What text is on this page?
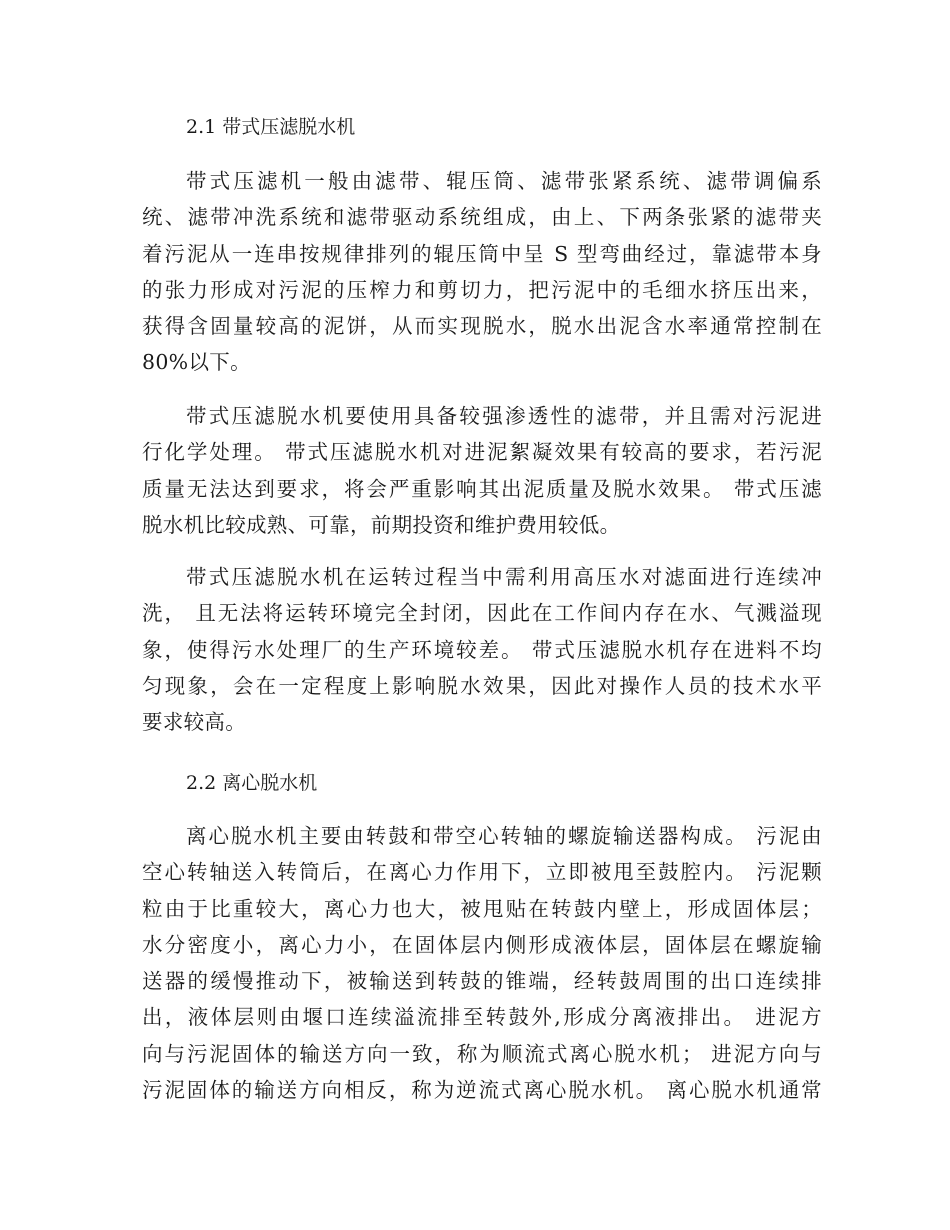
2.1 带式压滤脱水机

带式压滤机一般由滤带、辊压筒、滤带张紧系统、滤带调偏系
统、滤带冲洗系统和滤带驱动系统组成，由上、下两条张紧的滤带夹
着污泥从一连串按规律排列的辊压筒中呈 S 型弯曲经过，靠滤带本身
的张力形成对污泥的压榨力和剪切力，把污泥中的毛细水挤压出来，
获得含固量较高的泥饼，从而实现脱水，脱水出泥含水率通常控制在
80%以下。

带式压滤脱水机要使用具备较强渗透性的滤带，并且需对污泥进
行化学处理。 带式压滤脱水机对进泥絮凝效果有较高的要求，若污泥
质量无法达到要求，将会严重影响其出泥质量及脱水效果。 带式压滤
脱水机比较成熟、可靠，前期投资和维护费用较低。

带式压滤脱水机在运转过程当中需利用高压水对滤面进行连续冲
洗， 且无法将运转环境完全封闭，因此在工作间内存在水、气溅溢现
象，使得污水处理厂的生产环境较差。 带式压滤脱水机存在进料不均
匀现象，会在一定程度上影响脱水效果，因此对操作人员的技术水平
要求较高。

2.2 离心脱水机

离心脱水机主要由转鼓和带空心转轴的螺旋输送器构成。 污泥由
空心转轴送入转筒后，在离心力作用下，立即被甩至鼓腔内。 污泥颗
粒由于比重较大，离心力也大，被甩贴在转鼓内壁上，形成固体层；
水分密度小，离心力小，在固体层内侧形成液体层，固体层在螺旋输
送器的缓慢推动下，被输送到转鼓的锥端，经转鼓周围的出口连续排
出，液体层则由堰口连续溢流排至转鼓外,形成分离液排出。 进泥方
向与污泥固体的输送方向一致，称为顺流式离心脱水机； 进泥方向与
污泥固体的输送方向相反，称为逆流式离心脱水机。 离心脱水机通常
